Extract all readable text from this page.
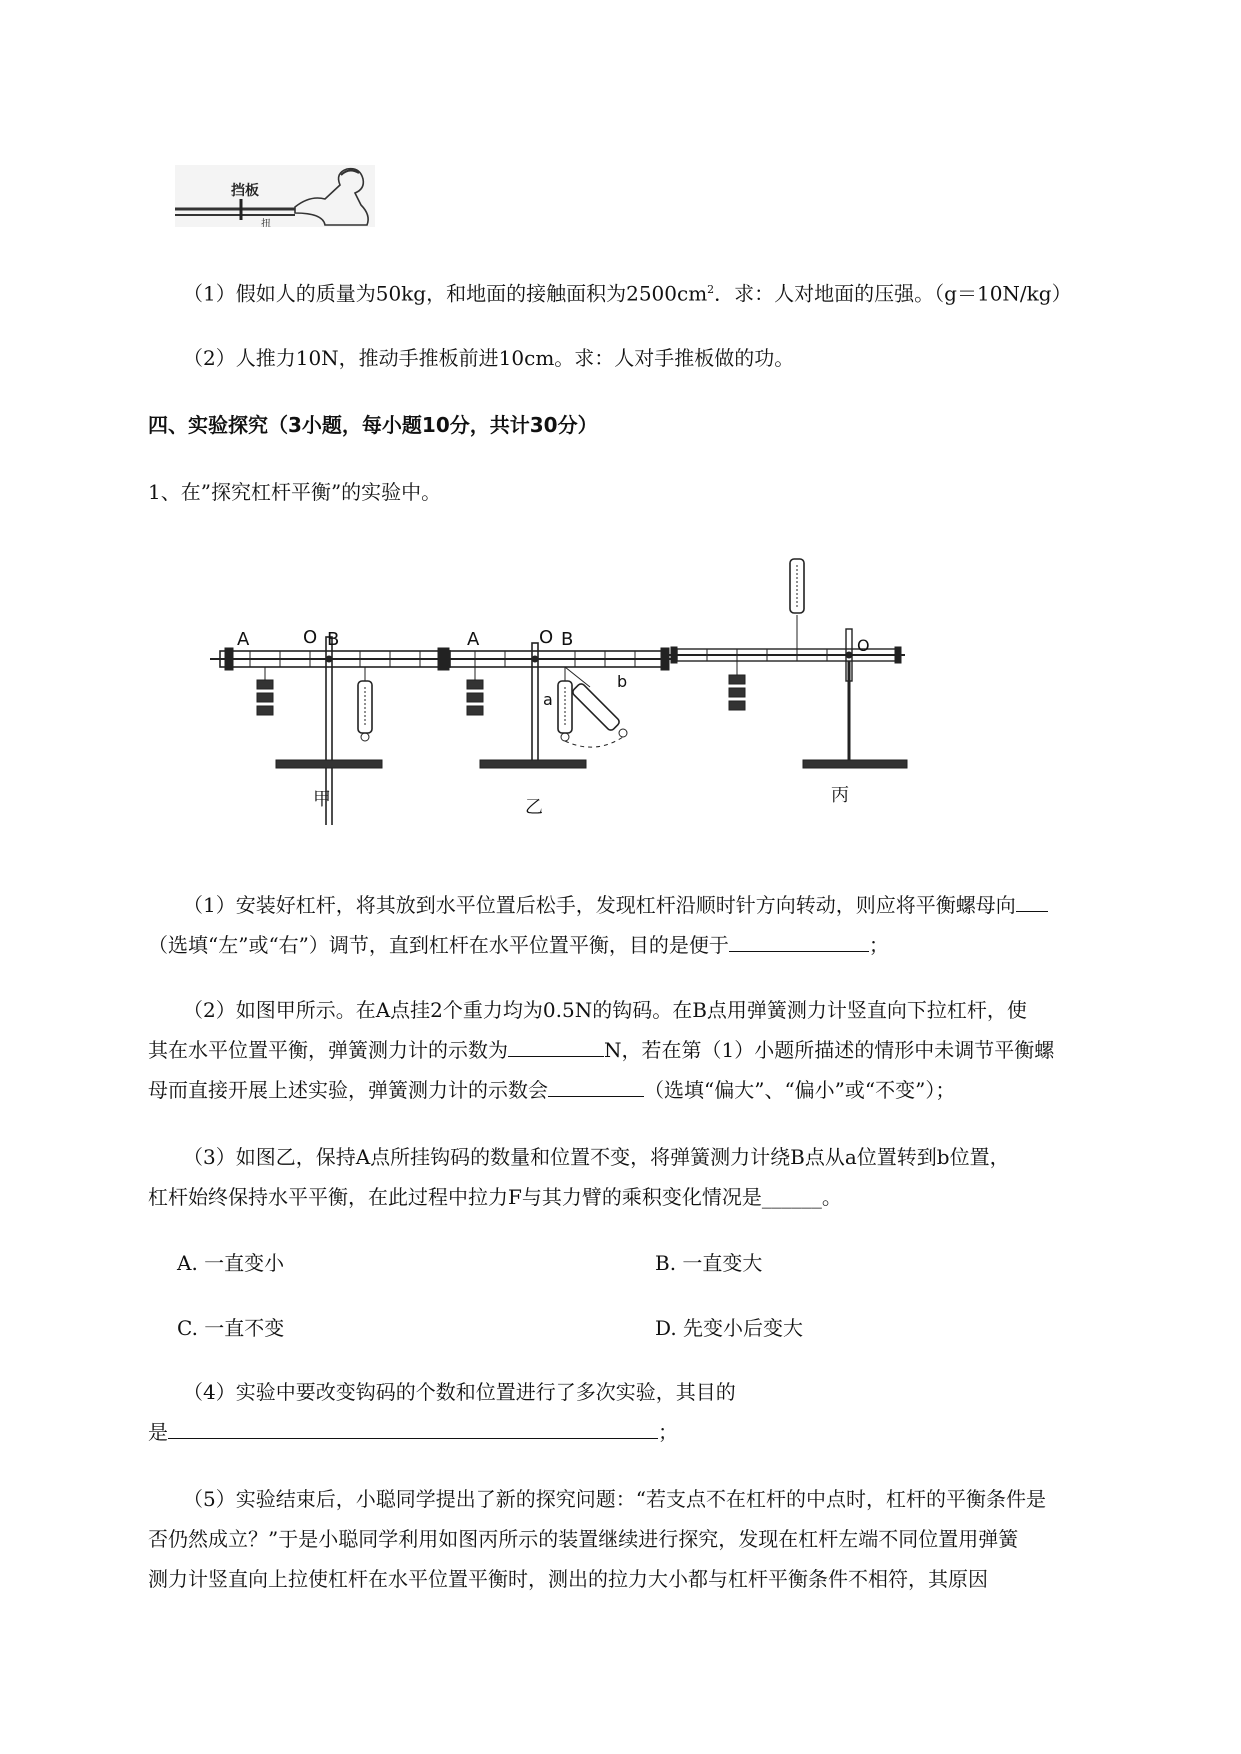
挡板
扭
（1）假如人的质量为50kg，和地面的接触面积为$2500cm^2$．求：人对地面的压强。（g＝10N/kg）
（2）人推力10N，推动手推板前进10cm。求：人对手推板做的功。
四、实验探究（3小题，每小题10分，共计30分）
1、在”探究杠杆平衡”的实验中。
A	O B
甲
A	O B
a
b
乙
O
丙
（1）安装好杠杆，将其放到水平位置后松手，发现杠杆沿顺时针方向转动，则应将平衡螺母向
（选填“左”或“右”）调节，直到杠杆在水平位置平衡，目的是便于	；
（2）如图甲所示。在A点挂2个重力均为0.5N的钩码。在B点用弹簧测力计竖直向下拉杠杆，使
其在水平位置平衡，弹簧测力计的示数为	N，若在第（1）小题所描述的情形中未调节平衡螺
母而直接开展上述实验，弹簧测力计的示数会	（选填“偏大”、“偏小”或“不变”）；
（3）如图乙，保持A点所挂钩码的数量和位置不变，将弹簧测力计绕B点从a位置转到b位置，
杠杆始终保持水平平衡，在此过程中拉力F与其力臂的乘积变化情况是______。
A. 一直变小	B. 一直变大
C. 一直不变	D. 先变小后变大
（4）实验中要改变钩码的个数和位置进行了多次实验，其目的
是	；
（5）实验结束后，小聪同学提出了新的探究问题：“若支点不在杠杆的中点时，杠杆的平衡条件是
否仍然成立？”于是小聪同学利用如图丙所示的装置继续进行探究，发现在杠杆左端不同位置用弹簧
测力计竖直向上拉使杠杆在水平位置平衡时，测出的拉力大小都与杠杆平衡条件不相符，其原因
